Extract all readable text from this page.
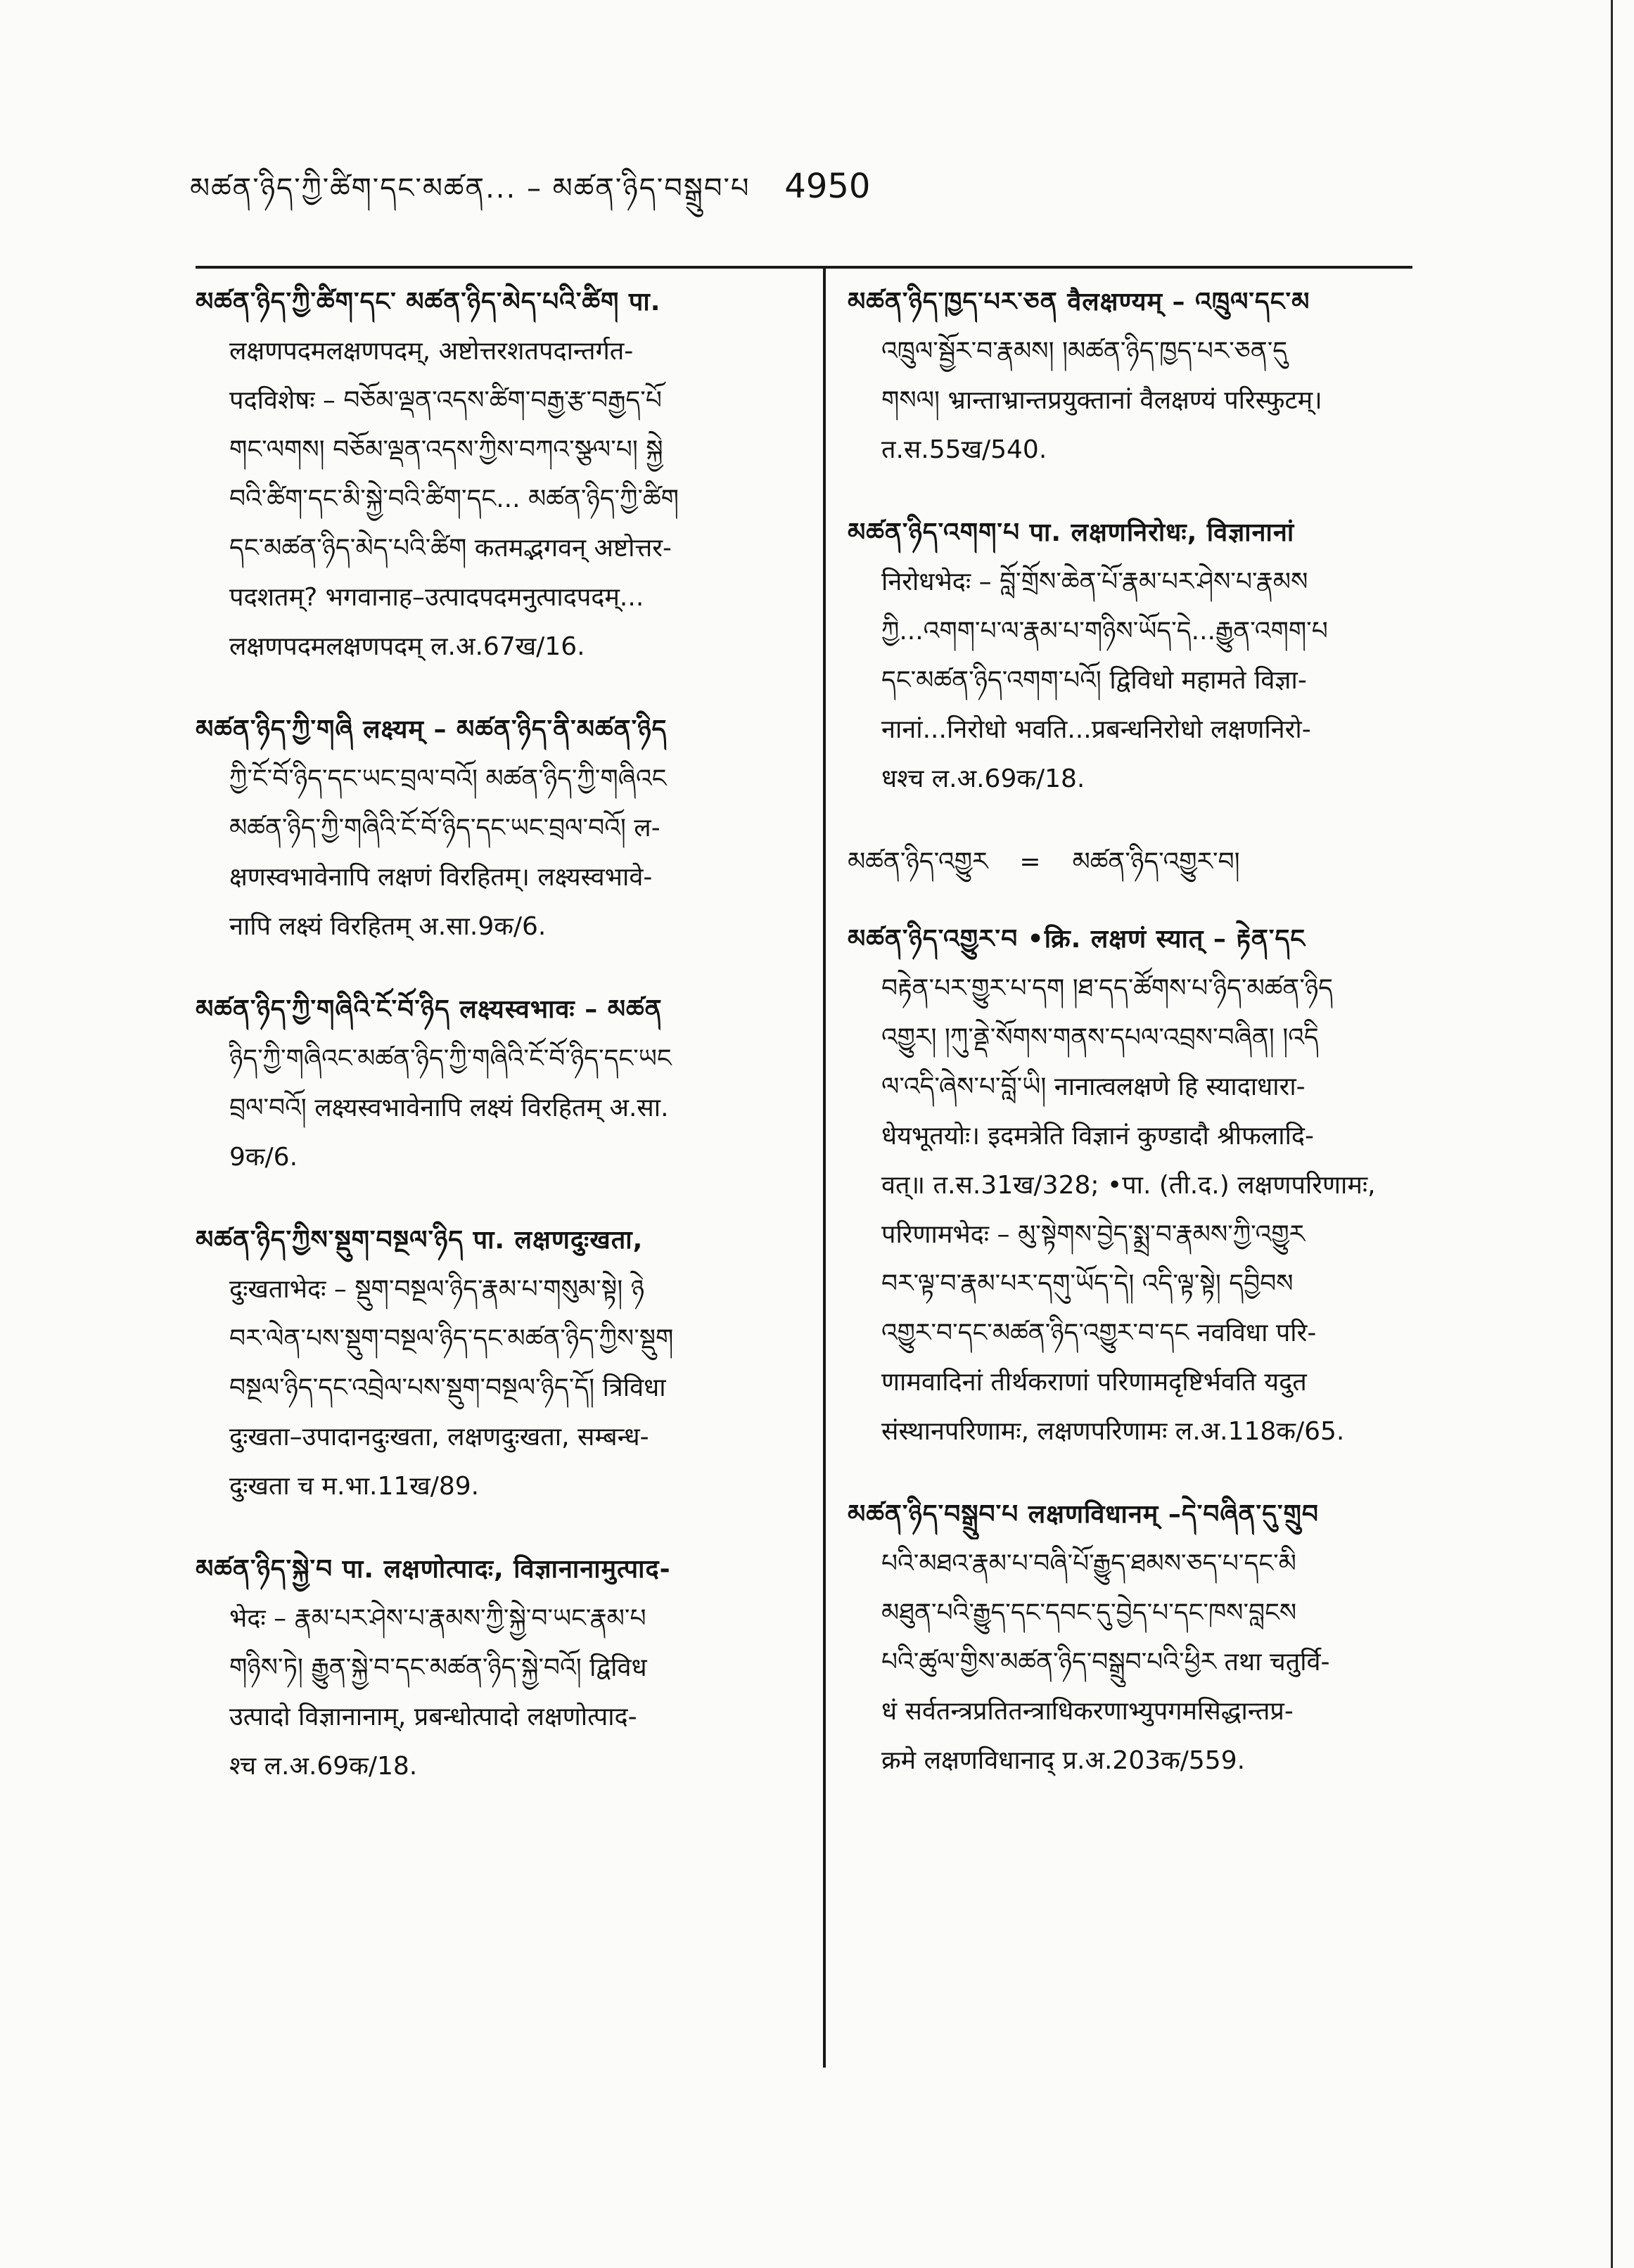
མཚན་ཉིད་ཀྱི་ཚིག་དང་མཚན... – མཚན་ཉིད་བསྒྲུབ་པ 4950
མཚན་ཉིད་ཀྱི་ཚིག་དང་ མཚན་ཉིད་མེད་པའི་ཚིག पा.
लक्षणपदमलक्षणपदम्, अष्टोत्तरशतपदान्तर्गत-
पदविशेषः – བཅོམ་ལྡན་འདས་ཚིག་བརྒྱ་རྩ་བརྒྱད་པོ
གང་ལགས། བཅོམ་ལྡན་འདས་ཀྱིས་བཀའ་སྩལ་པ། སྐྱེ
བའི་ཚིག་དང་མི་སྐྱེ་བའི་ཚིག་དང... མཚན་ཉིད་ཀྱི་ཚིག
དང་མཚན་ཉིད་མེད་པའི་ཚིག कतमद्भगवन् अष्टोत्तर-
पदशतम्? भगवानाह–उत्पादपदमनुत्पादपदम्...
लक्षणपदमलक्षणपदम् ल.अ.67ख/16.
མཚན་ཉིད་ཀྱི་གཞི लक्ष्यम् – མཚན་ཉིད་ནི་མཚན་ཉིད
ཀྱི་ངོ་བོ་ཉིད་དང་ཡང་བྲལ་བའོ། མཚན་ཉིད་ཀྱི་གཞིའང
མཚན་ཉིད་ཀྱི་གཞིའི་ངོ་བོ་ཉིད་དང་ཡང་བྲལ་བའོ། ल-
क्षणस्वभावेनापि लक्षणं विरहितम्। लक्ष्यस्वभावे-
नापि लक्ष्यं विरहितम् अ.सा.9क/6.
མཚན་ཉིད་ཀྱི་གཞིའི་ངོ་བོ་ཉིད लक्ष्यस्वभावः – མཚན
ཉིད་ཀྱི་གཞིའང་མཚན་ཉིད་ཀྱི་གཞིའི་ངོ་བོ་ཉིད་དང་ཡང
བྲལ་བའོ། लक्ष्यस्वभावेनापि लक्ष्यं विरहितम् अ.सा.
9क/6.
མཚན་ཉིད་ཀྱིས་སྡུག་བསྔལ་ཉིད पा. लक्षणदुःखता,
दुःखताभेदः – སྡུག་བསྔལ་ཉིད་རྣམ་པ་གསུམ་སྟེ། ཉེ
བར་ལེན་པས་སྡུག་བསྔལ་ཉིད་དང་མཚན་ཉིད་ཀྱིས་སྡུག
བསྔལ་ཉིད་དང་འབྲེལ་པས་སྡུག་བསྔལ་ཉིད་དོ། त्रिविधा
दुःखता–उपादानदुःखता, लक्षणदुःखता, सम्बन्ध-
दुःखता च म.भा.11ख/89.
མཚན་ཉིད་སྐྱེ་བ पा. लक्षणोत्पादः, विज्ञानानामुत्पाद-
भेदः – རྣམ་པར་ཤེས་པ་རྣམས་ཀྱི་སྐྱེ་བ་ཡང་རྣམ་པ
གཉིས་ཏེ། རྒྱུན་སྐྱེ་བ་དང་མཚན་ཉིད་སྐྱེ་བའོ། द्विविध
उत्पादो विज्ञानानाम्, प्रबन्धोत्पादो लक्षणोत्पाद-
श्च ल.अ.69क/18.
མཚན་ཉིད་ཁྱད་པར་ཅན वैलक्षण्यम् – འཁྲུལ་དང་མ
འཁྲུལ་སྦྱོར་བ་རྣམས། །མཚན་ཉིད་ཁྱད་པར་ཅན་དུ
གསལ། भ्रान्ताभ्रान्तप्रयुक्तानां वैलक्षण्यं परिस्फुटम्।
त.स.55ख/540.
མཚན་ཉིད་འགག་པ पा. लक्षणनिरोधः, विज्ञानानां
निरोधभेदः – བློ་གྲོས་ཆེན་པོ་རྣམ་པར་ཤེས་པ་རྣམས
ཀྱི...འགག་པ་ལ་རྣམ་པ་གཉིས་ཡོད་དེ...རྒྱུན་འགག་པ
དང་མཚན་ཉིད་འགག་པའོ། द्विविधो महामते विज्ञा-
नानां...निरोधो भवति...प्रबन्धनिरोधो लक्षणनिरो-
धश्च ल.अ.69क/18.
མཚན་ཉིད་འགྱུར = མཚན་ཉིད་འགྱུར་བ།
མཚན་ཉིད་འགྱུར་བ •क्रि. लक्षणं स्यात् – རྟེན་དང
བརྟེན་པར་གྱུར་པ་དག །ཐ་དད་ཚོགས་པ་ཉིད་མཚན་ཉིད
འགྱུར། །ཀུ་ནྡེ་སོགས་གནས་དཔལ་འབྲས་བཞིན། །འདི
ལ་འདི་ཞེས་པ་བློ་ཡི། नानात्वलक्षणे हि स्यादाधारा-
धेयभूतयोः। इदमत्रेति विज्ञानं कुण्डादौ श्रीफलादि-
वत्॥ त.स.31ख/328; •पा. (ती.द.) लक्षणपरिणामः,
परिणामभेदः – མུ་སྟེགས་བྱེད་སྨྲ་བ་རྣམས་ཀྱི་འགྱུར
བར་ལྟ་བ་རྣམ་པར་དགུ་ཡོད་དེ། འདི་ལྟ་སྟེ། དབྱིབས
འགྱུར་བ་དང་མཚན་ཉིད་འགྱུར་བ་དང नवविधा परि-
णामवादिनां तीर्थकराणां परिणामदृष्टिर्भवति यदुत
संस्थानपरिणामः, लक्षणपरिणामः ल.अ.118क/65.
མཚན་ཉིད་བསྒྲུབ་པ लक्षणविधानम् –དེ་བཞིན་དུ་གྲུབ
པའི་མཐའ་རྣམ་པ་བཞི་པོ་རྒྱུད་ཐམས་ཅད་པ་དང་མི
མཐུན་པའི་རྒྱུད་དང་དབང་དུ་བྱེད་པ་དང་ཁས་བླངས
པའི་ཚུལ་གྱིས་མཚན་ཉིད་བསྒྲུབ་པའི་ཕྱིར तथा चतुर्वि-
धं सर्वतन्त्रप्रतितन्त्राधिकरणाभ्युपगमसिद्धान्तप्र-
क्रमे लक्षणविधानाद् प्र.अ.203क/559.
